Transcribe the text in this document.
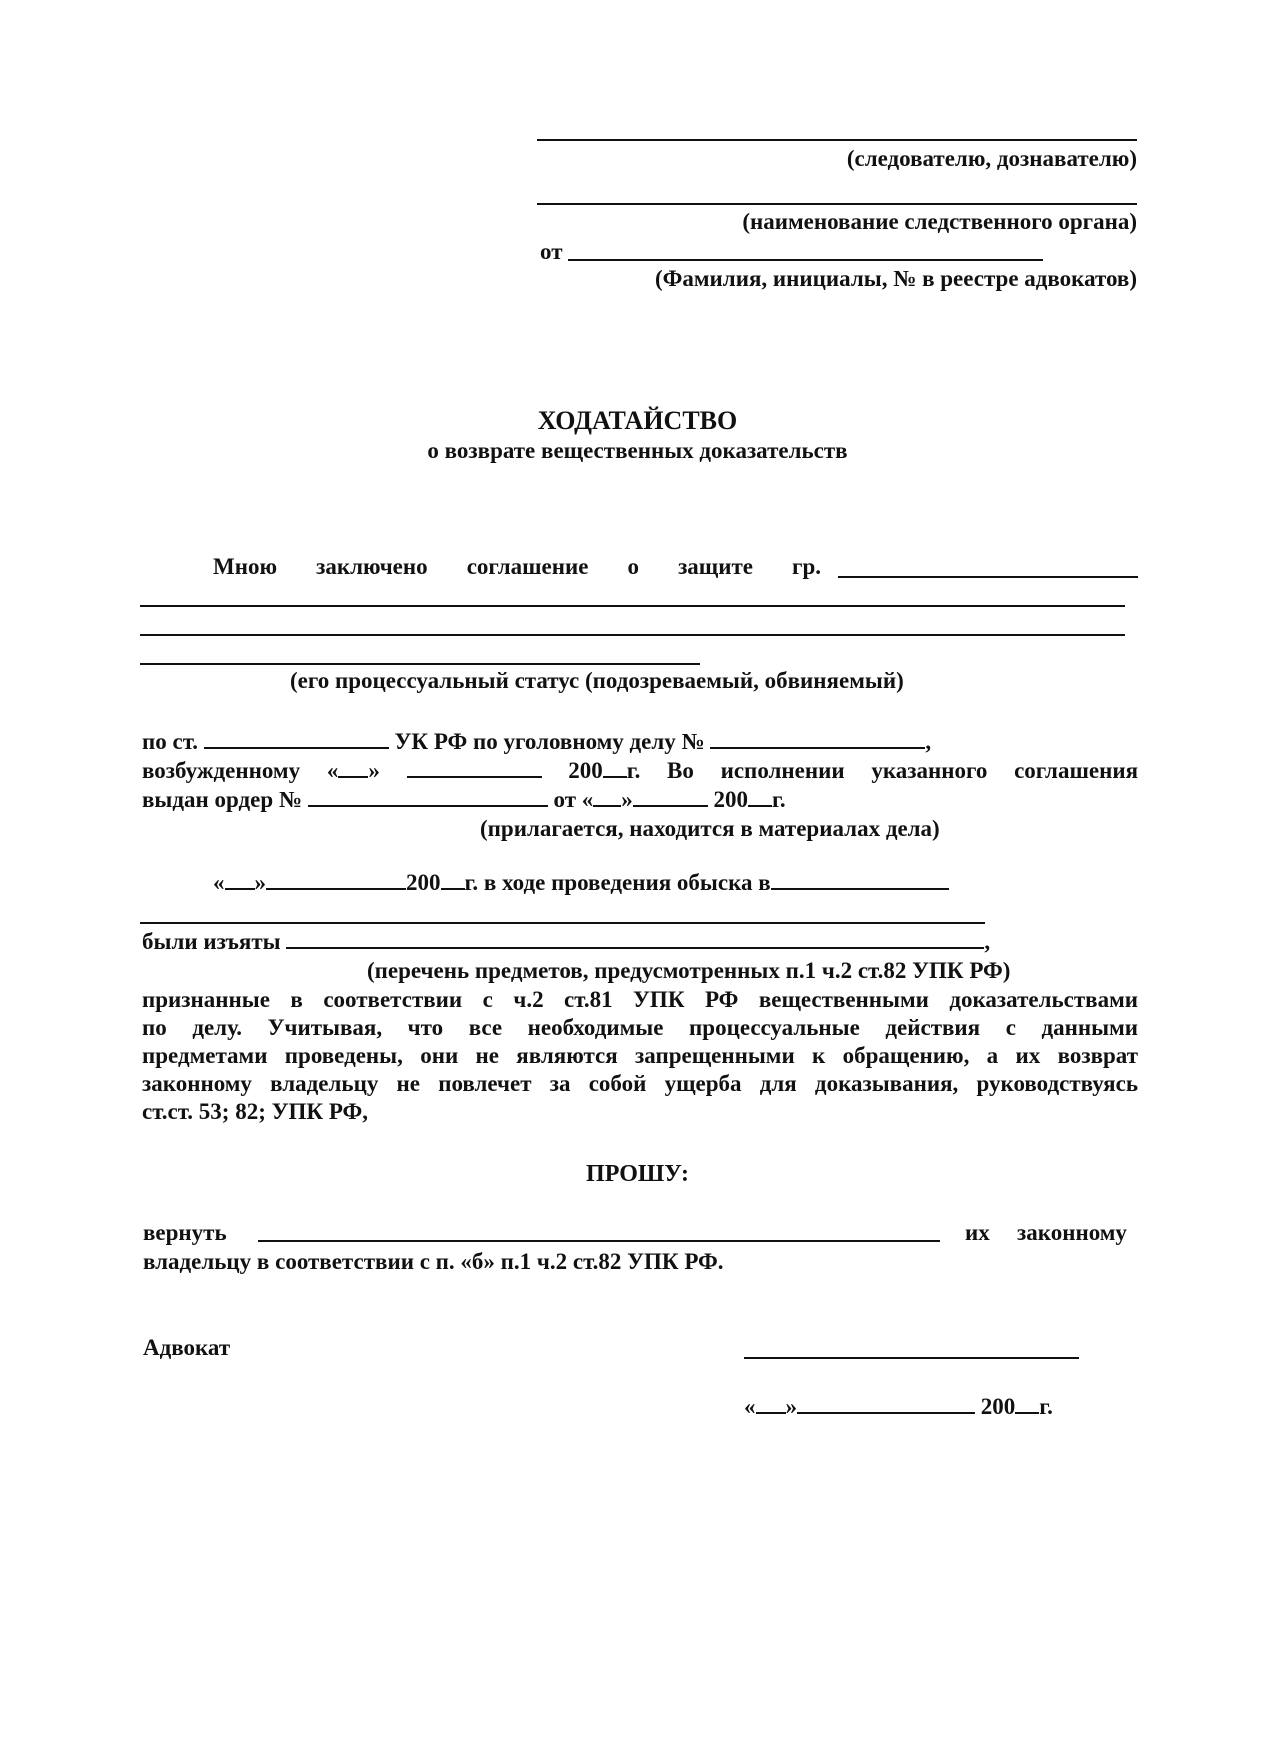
(следователю, дознавателю)
(наименование следственного органа)
от
(Фамилия, инициалы, № в реестре адвокатов)
ХОДАТАЙСТВО
о возврате вещественных доказательств
Мною заключено соглашение о защите гр.
(его процессуальный статус (подозреваемый, обвиняемый)
по ст.	УК РФ по уголовному делу №	,
возбужденному « »	200 г. Во исполнении указанного соглашения
выдан ордер №	от « »	200 г.
(прилагается, находится в материалах дела)
« »	200 г. в ходе проведения обыска в
были изъяты	,
(перечень предметов, предусмотренных п.1 ч.2 ст.82 УПК РФ)
признанные в соответствии с ч.2 ст.81 УПК РФ вещественными доказательствами
по делу. Учитывая, что все необходимые процессуальные действия с данными
предметами проведены, они не являются запрещенными к обращению, а их возврат
законному владельцу не повлечет за собой ущерба для доказывания, руководствуясь
ст.ст. 53; 82; УПК РФ,
ПРОШУ:
вернуть	их законному
владельцу в соответствии с п. «б» п.1 ч.2 ст.82 УПК РФ.
Адвокат
« »	200 г.
